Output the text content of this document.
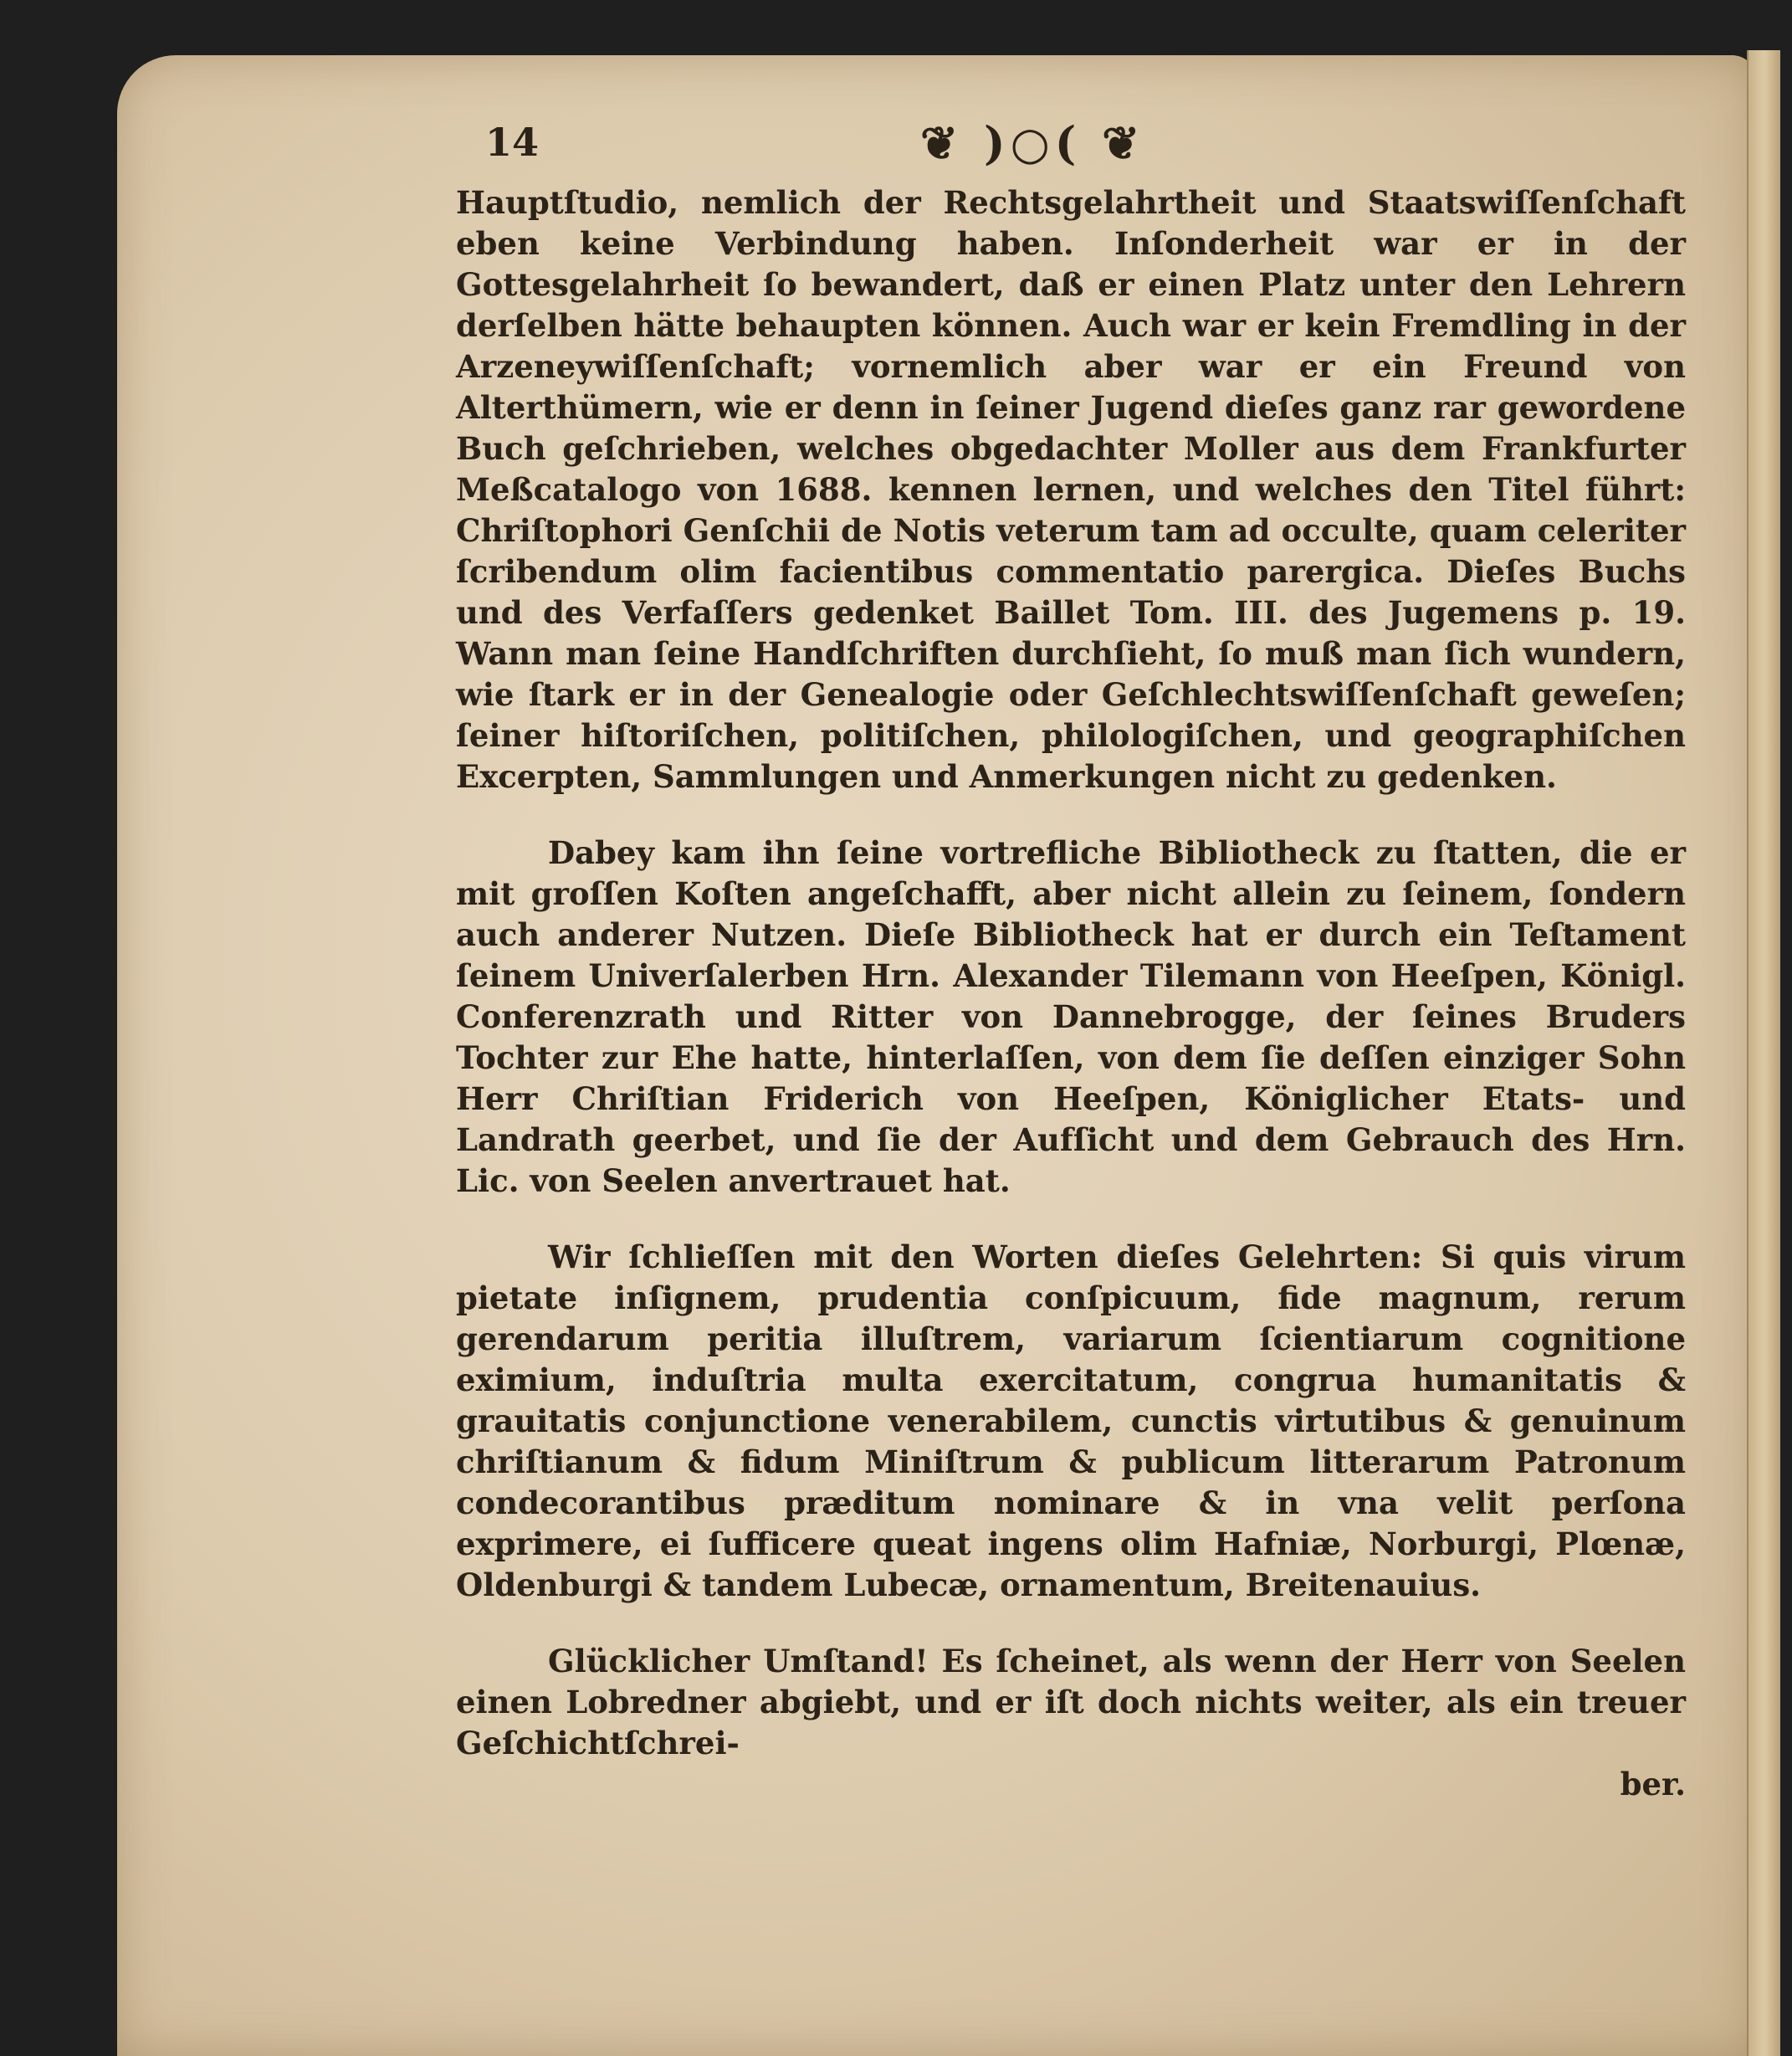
14	❦ )○( ❦

Hauptſtudio, nemlich der Rechtsgelahrtheit und Staatswiſſenſchaft eben keine Verbindung haben. Inſonderheit war er in der Gottesgelahrheit ſo bewandert, daß er einen Platz unter den Lehrern derſelben hätte behaupten können. Auch war er kein Fremdling in der Arzeneywiſſenſchaft; vornemlich aber war er ein Freund von Alterthümern, wie er denn in ſeiner Jugend dieſes ganz rar gewordene Buch geſchrieben, welches obgedachter Moller aus dem Frankfurter Meßcatalogo von 1688. kennen lernen, und welches den Titel führt: Chriſtophori Genſchii de Notis veterum tam ad occulte, quam celeriter ſcribendum olim facientibus commentatio parergica. Dieſes Buchs und des Verfaſſers gedenket Baillet Tom. III. des Jugemens p. 19. Wann man ſeine Handſchriften durchſieht, ſo muß man ſich wundern, wie ſtark er in der Genealogie oder Geſchlechtswiſſenſchaft geweſen; ſeiner hiſtoriſchen, politiſchen, philologiſchen, und geographiſchen Excerpten, Sammlungen und Anmerkungen nicht zu gedenken.

Dabey kam ihn ſeine vortrefliche Bibliotheck zu ſtatten, die er mit groſſen Koſten angeſchafft, aber nicht allein zu ſeinem, ſondern auch anderer Nutzen. Dieſe Bibliotheck hat er durch ein Teſtament ſeinem Univerſalerben Hrn. Alexander Tilemann von Heeſpen, Königl. Conferenzrath und Ritter von Dannebrogge, der ſeines Bruders Tochter zur Ehe hatte, hinterlaſſen, von dem ſie deſſen einziger Sohn Herr Chriſtian Friderich von Heeſpen, Königlicher Etats- und Landrath geerbet, und ſie der Aufſicht und dem Gebrauch des Hrn. Lic. von Seelen anvertrauet hat.

Wir ſchlieſſen mit den Worten dieſes Gelehrten: Si quis virum pietate inſignem, prudentia conſpicuum, fide magnum, rerum gerendarum peritia illuſtrem, variarum ſcientiarum cognitione eximium, induſtria multa exercitatum, congrua humanitatis & grauitatis conjunctione venerabilem, cunctis virtutibus & genuinum chriſtianum & fidum Miniſtrum & publicum litterarum Patronum condecorantibus præditum nominare & in vna velit perſona exprimere, ei ſufficere queat ingens olim Hafniæ, Norburgi, Plœnæ, Oldenburgi & tandem Lubecæ, ornamentum, Breitenauius.

Glücklicher Umſtand! Es ſcheinet, als wenn der Herr von Seelen einen Lobredner abgiebt, und er iſt doch nichts weiter, als ein treuer Geſchichtſchrei-

ber.
